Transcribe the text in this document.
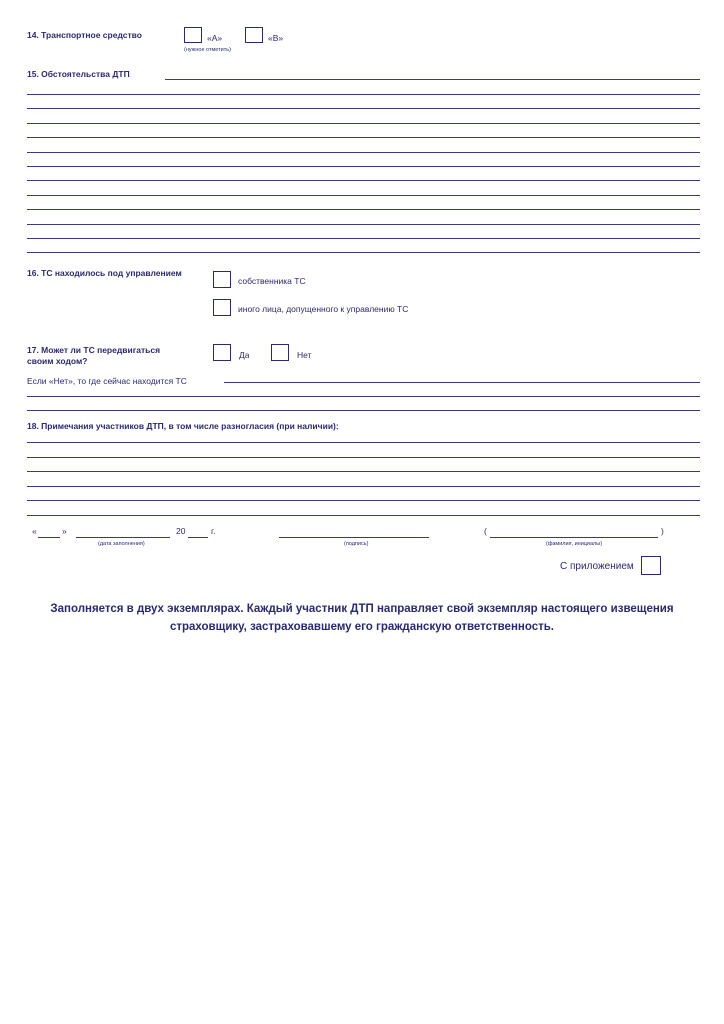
14. Транспортное средство	«А»	«В»
(нужное отметить)
15. Обстоятельства ДТП
16. ТС находилось под управлением
собственника ТС
иного лица, допущенного к управлению ТС
17. Может ли ТС передвигаться
своим ходом?
Да	Нет
Если «Нет», то где сейчас находится ТС
18. Примечания участников ДТП, в том числе разногласия (при наличии):
«	»	20	г.
(дата заполнения)	(подпись)
(	)
(фамилия, инициалы)
С приложением
Заполняется в двух экземплярах. Каждый участник ДТП направляет свой экземпляр настоящего извещения
страховщику, застраховавшему его гражданскую ответственность.
